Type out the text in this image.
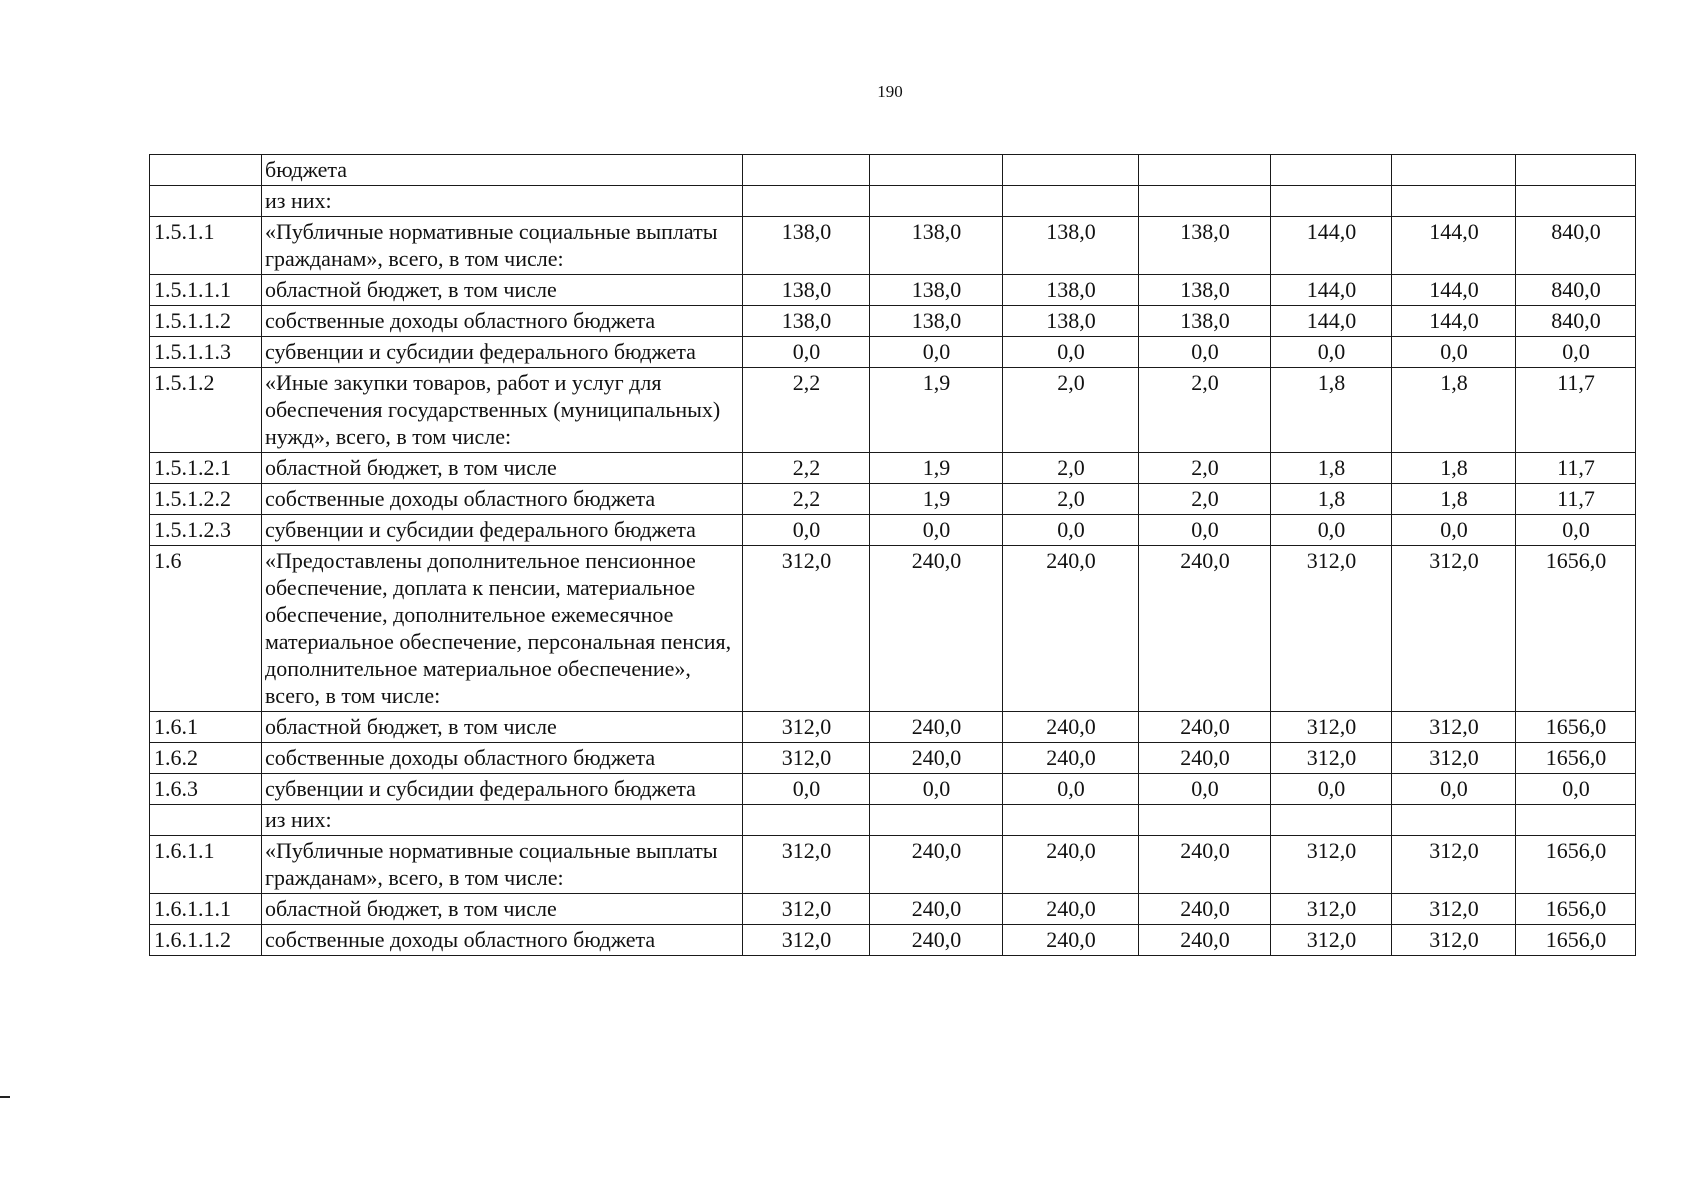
190
	бюджета							
	из них:							
1.5.1.1	«Публичные нормативные социальные выплаты гражданам», всего, в том числе:	138,0	138,0	138,0	138,0	144,0	144,0	840,0
1.5.1.1.1	областной бюджет, в том числе	138,0	138,0	138,0	138,0	144,0	144,0	840,0
1.5.1.1.2	собственные доходы областного бюджета	138,0	138,0	138,0	138,0	144,0	144,0	840,0
1.5.1.1.3	субвенции и субсидии федерального бюджета	0,0	0,0	0,0	0,0	0,0	0,0	0,0
1.5.1.2	«Иные закупки товаров, работ и услуг для обеспечения государственных (муниципальных) нужд», всего, в том числе:	2,2	1,9	2,0	2,0	1,8	1,8	11,7
1.5.1.2.1	областной бюджет, в том числе	2,2	1,9	2,0	2,0	1,8	1,8	11,7
1.5.1.2.2	собственные доходы областного бюджета	2,2	1,9	2,0	2,0	1,8	1,8	11,7
1.5.1.2.3	субвенции и субсидии федерального бюджета	0,0	0,0	0,0	0,0	0,0	0,0	0,0
1.6	«Предоставлены дополнительное пенсионное обеспечение, доплата к пенсии, материальное обеспечение, дополнительное ежемесячное материальное обеспечение, персональная пенсия, дополнительное материальное обеспечение», всего, в том числе:	312,0	240,0	240,0	240,0	312,0	312,0	1656,0
1.6.1	областной бюджет, в том числе	312,0	240,0	240,0	240,0	312,0	312,0	1656,0
1.6.2	собственные доходы областного бюджета	312,0	240,0	240,0	240,0	312,0	312,0	1656,0
1.6.3	субвенции и субсидии федерального бюджета	0,0	0,0	0,0	0,0	0,0	0,0	0,0
	из них:							
1.6.1.1	«Публичные нормативные социальные выплаты гражданам», всего, в том числе:	312,0	240,0	240,0	240,0	312,0	312,0	1656,0
1.6.1.1.1	областной бюджет, в том числе	312,0	240,0	240,0	240,0	312,0	312,0	1656,0
1.6.1.1.2	собственные доходы областного бюджета	312,0	240,0	240,0	240,0	312,0	312,0	1656,0
